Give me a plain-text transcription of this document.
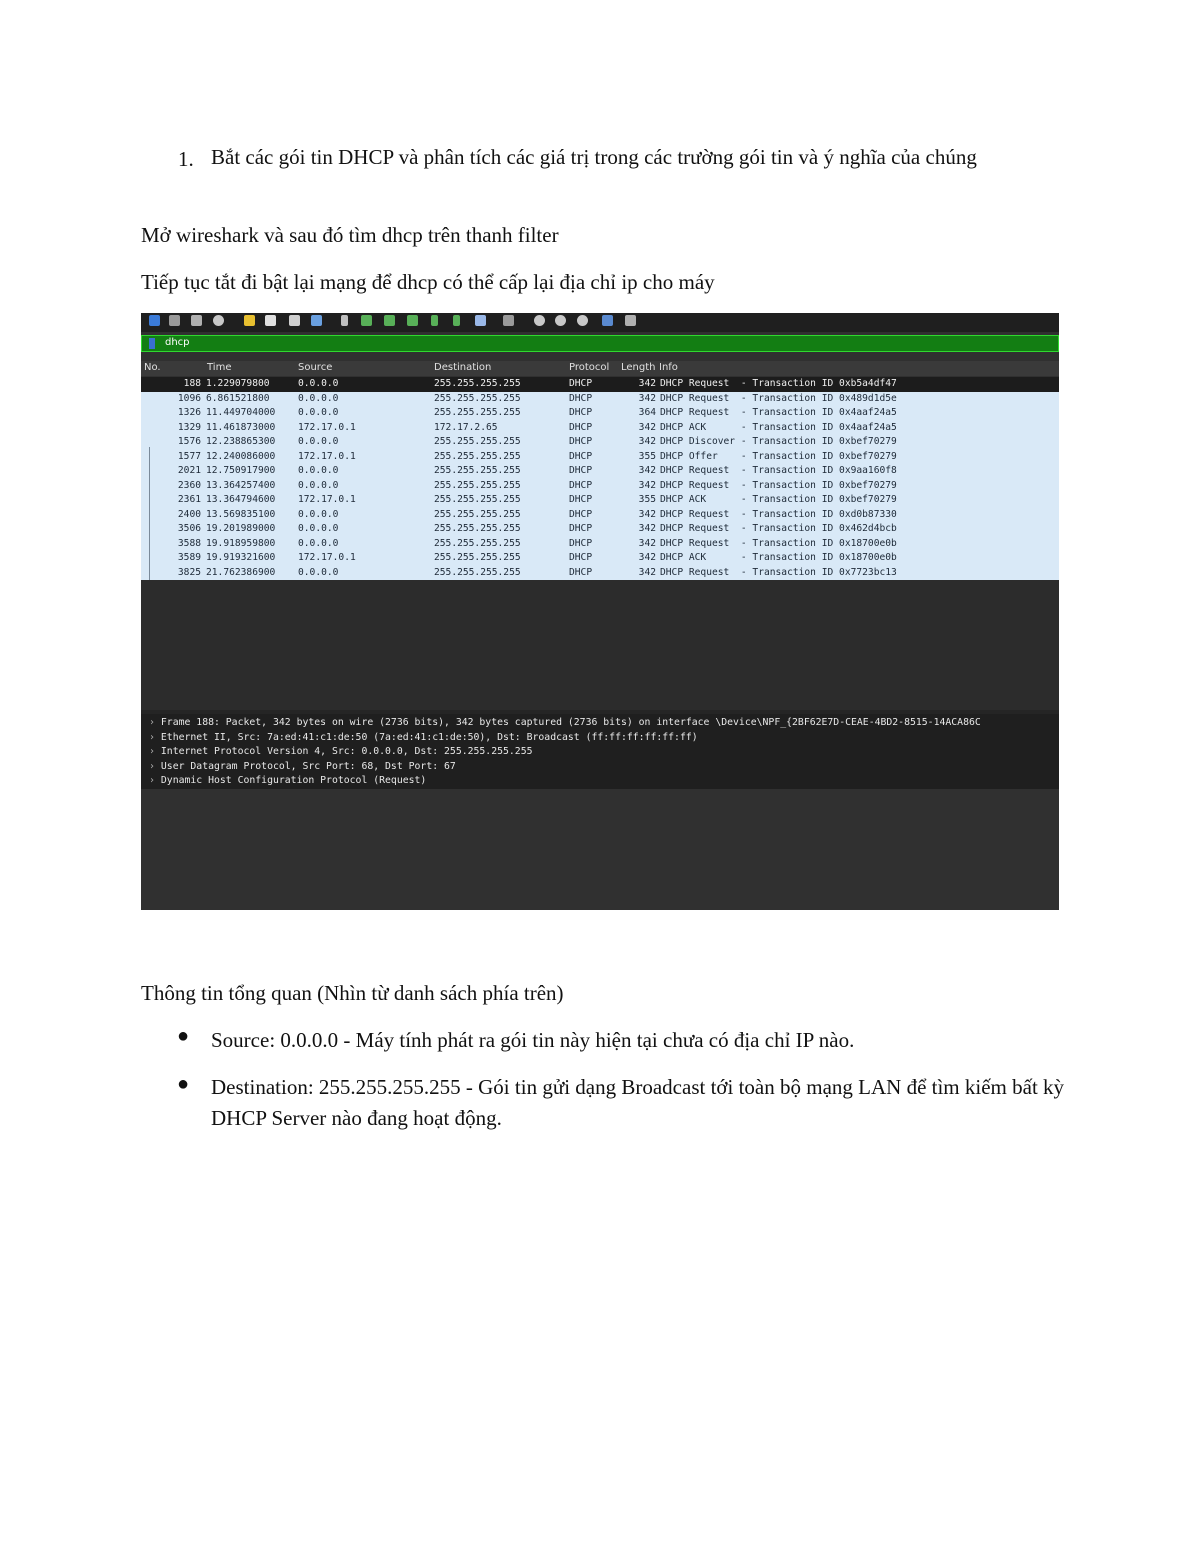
1. Bắt các gói tin DHCP và phân tích các giá trị trong các trường gói tin và ý nghĩa của chúng
Mở wireshark và sau đó tìm dhcp trên thanh filter
Tiếp tục tắt đi bật lại mạng để dhcp có thể cấp lại địa chỉ ip cho máy
dhcp
No.	Time	Source	Destination	Protocol Length Info
188 1.229079800	0.0.0.0	255.255.255.255	DHCP	342 DHCP Request  - Transaction ID 0xb5a4df47
1096 6.861521800	0.0.0.0	255.255.255.255	DHCP	342 DHCP Request  - Transaction ID 0x489d1d5e
1326 11.449704000 0.0.0.0	255.255.255.255	DHCP	364 DHCP Request  - Transaction ID 0x4aaf24a5
1329 11.461873000 172.17.0.1	172.17.2.65	DHCP	342 DHCP ACK      - Transaction ID 0x4aaf24a5
1576 12.238865300 0.0.0.0	255.255.255.255	DHCP	342 DHCP Discover - Transaction ID 0xbef70279
1577 12.240086000 172.17.0.1	255.255.255.255	DHCP	355 DHCP Offer    - Transaction ID 0xbef70279
2021 12.750917900 0.0.0.0	255.255.255.255	DHCP	342 DHCP Request  - Transaction ID 0x9aa160f8
2360 13.364257400 0.0.0.0	255.255.255.255	DHCP	342 DHCP Request  - Transaction ID 0xbef70279
2361 13.364794600 172.17.0.1	255.255.255.255	DHCP	355 DHCP ACK      - Transaction ID 0xbef70279
2400 13.569835100 0.0.0.0	255.255.255.255	DHCP	342 DHCP Request  - Transaction ID 0xd0b87330
3506 19.201989000 0.0.0.0	255.255.255.255	DHCP	342 DHCP Request  - Transaction ID 0x462d4bcb
3588 19.918959800 0.0.0.0	255.255.255.255	DHCP	342 DHCP Request  - Transaction ID 0x18700e0b
3589 19.919321600 172.17.0.1	255.255.255.255	DHCP	342 DHCP ACK      - Transaction ID 0x18700e0b
3825 21.762386900 0.0.0.0	255.255.255.255	DHCP	342 DHCP Request  - Transaction ID 0x7723bc13
› Frame 188: Packet, 342 bytes on wire (2736 bits), 342 bytes captured (2736 bits) on interface \Device\NPF_{2BF62E7D-CEAE-4BD2-8515-14ACA86C
› Ethernet II, Src: 7a:ed:41:c1:de:50 (7a:ed:41:c1:de:50), Dst: Broadcast (ff:ff:ff:ff:ff:ff)
› Internet Protocol Version 4, Src: 0.0.0.0, Dst: 255.255.255.255
› User Datagram Protocol, Src Port: 68, Dst Port: 67
› Dynamic Host Configuration Protocol (Request)
Thông tin tổng quan (Nhìn từ danh sách phía trên)
● Source: 0.0.0.0 - Máy tính phát ra gói tin này hiện tại chưa có địa chỉ IP nào.
● Destination: 255.255.255.255 - Gói tin gửi dạng Broadcast tới toàn bộ mạng LAN để tìm kiếm bất kỳ DHCP Server nào đang hoạt động.
